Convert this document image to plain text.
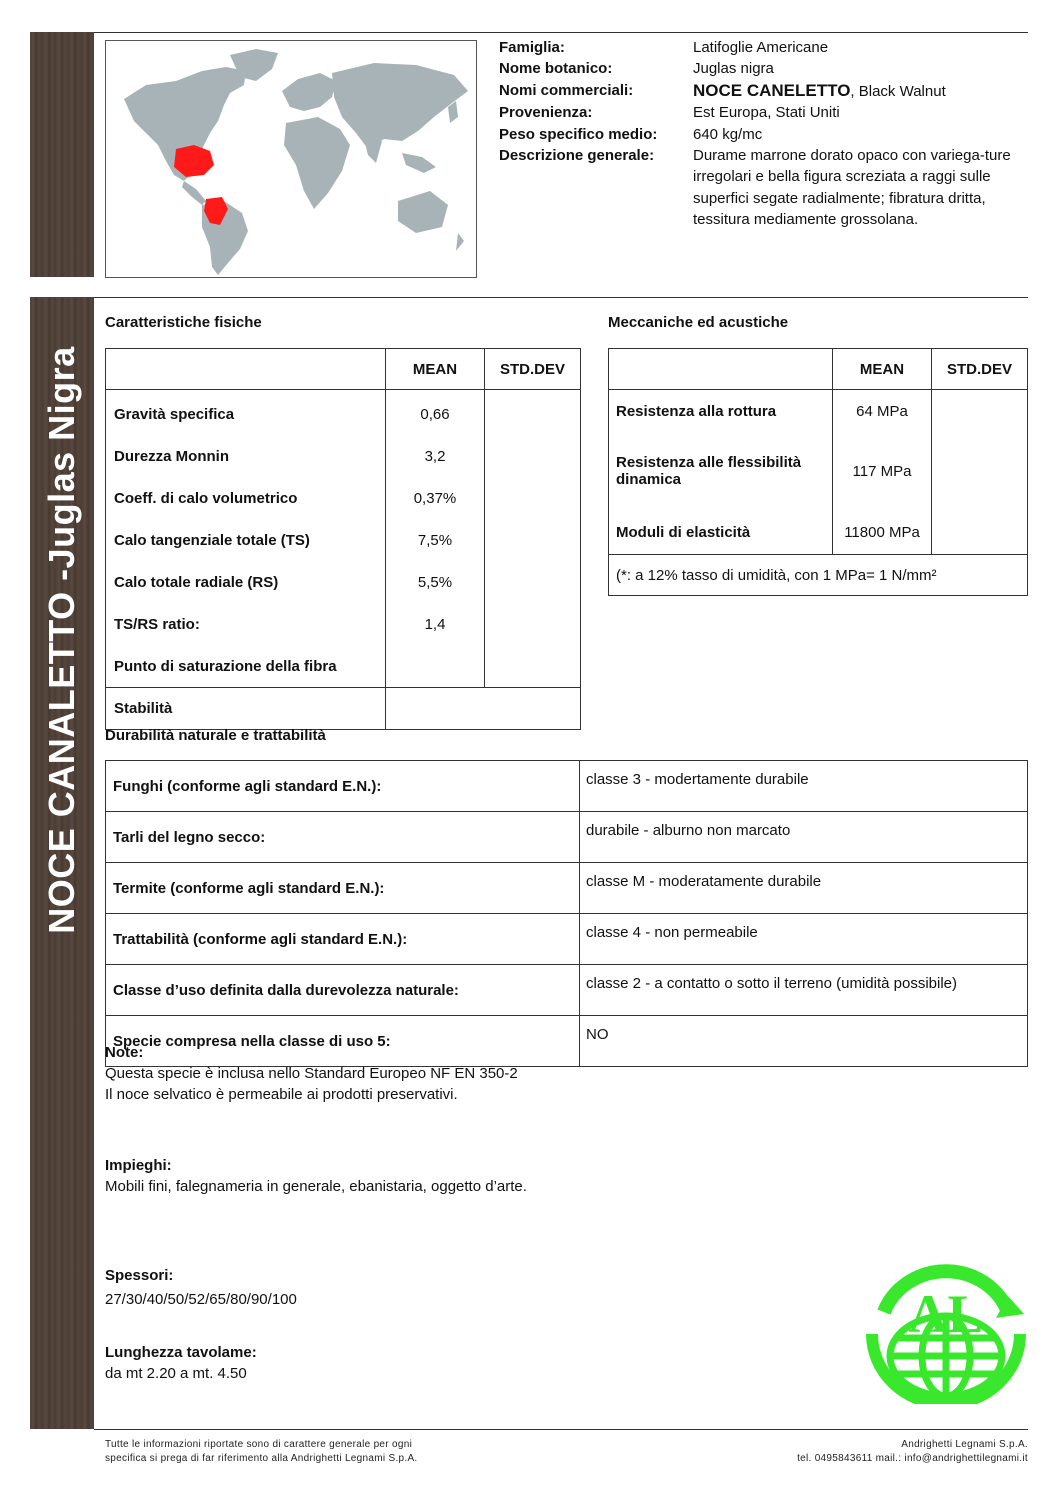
NOCE CANALETTO -Juglas Nigra
Famiglia:	Latifoglie Americane
Nome botanico:	Juglas nigra
Nomi commerciali:	NOCE CANELETTO, Black Walnut
Provenienza:	Est Europa, Stati Uniti
Peso specifico medio:	640 kg/mc
Descrizione generale:	Durame marrone dorato opaco con variega-ture irregolari e bella figura screziata a raggi sulle superfici segate radialmente; fibratura dritta, tessitura mediamente grossolana.
Caratteristiche fisiche
	MEAN	STD.DEV
Gravità specifica	0,66	
Durezza Monnin	3,2	
Coeff. di calo volumetrico	0,37%	
Calo tangenziale totale (TS)	7,5%	
Calo totale radiale (RS)	5,5%	
TS/RS ratio:	1,4	
Punto di saturazione della fibra		
Stabilità		
Meccaniche ed acustiche
	MEAN	STD.DEV
Resistenza alla rottura	64 MPa	
Resistenza alle flessibilità dinamica	117 MPa	
Moduli di elasticità	11800 MPa	
(*: a 12% tasso di umidità, con 1 MPa= 1 N/mm²		
Durabilità naturale e trattabilità
Funghi (conforme agli standard E.N.):	classe 3 - modertamente durabile
Tarli del legno secco:	durabile - alburno non marcato
Termite (conforme agli standard E.N.):	classe M - moderatamente durabile
Trattabilità (conforme agli standard E.N.):	classe 4 - non permeabile
Classe d’uso definita dalla durevolezza naturale:	classe 2 - a contatto o sotto il terreno (umidità possibile)
Specie compresa nella classe di uso 5:	NO
Note:
Questa specie è inclusa nello Standard Europeo NF EN 350-2
Il noce selvatico è permeabile ai prodotti preservativi.
Impieghi:
Mobili fini, falegnameria in generale, ebanistaria, oggetto d’arte.
Spessori:
27/30/40/50/52/65/80/90/100
Lunghezza tavolame:
da mt 2.20 a mt. 4.50
AL
Tutte le informazioni riportate sono di carattere generale per ogni
specifica si prega di far riferimento alla Andrighetti Legnami S.p.A.
Andrighetti Legnami S.p.A.
tel. 0495843611 mail.: info@andrighettilegnami.it
